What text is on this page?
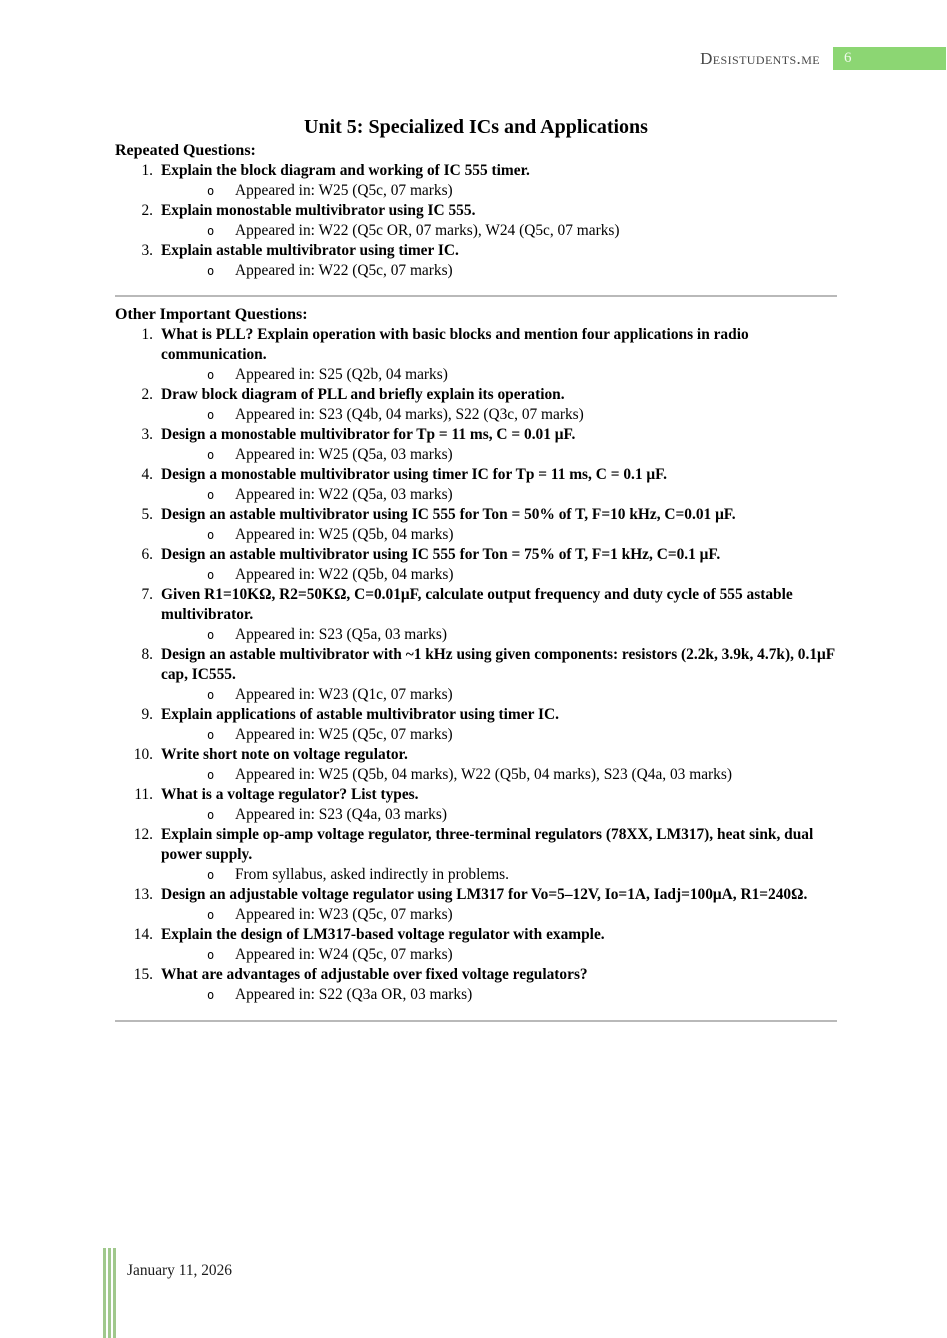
Desistudents.me	6
Unit 5: Specialized ICs and Applications
Repeated Questions:
1. Explain the block diagram and working of IC 555 timer.
o	Appeared in: W25 (Q5c, 07 marks)
2. Explain monostable multivibrator using IC 555.
o	Appeared in: W22 (Q5c OR, 07 marks), W24 (Q5c, 07 marks)
3. Explain astable multivibrator using timer IC.
o	Appeared in: W22 (Q5c, 07 marks)
Other Important Questions:
1. What is PLL? Explain operation with basic blocks and mention four applications in radio communication.
o	Appeared in: S25 (Q2b, 04 marks)
2. Draw block diagram of PLL and briefly explain its operation.
o	Appeared in: S23 (Q4b, 04 marks), S22 (Q3c, 07 marks)
3. Design a monostable multivibrator for Tp = 11 ms, C = 0.01 μF.
o	Appeared in: W25 (Q5a, 03 marks)
4. Design a monostable multivibrator using timer IC for Tp = 11 ms, C = 0.1 μF.
o	Appeared in: W22 (Q5a, 03 marks)
5. Design an astable multivibrator using IC 555 for Ton = 50% of T, F=10 kHz, C=0.01 μF.
o	Appeared in: W25 (Q5b, 04 marks)
6. Design an astable multivibrator using IC 555 for Ton = 75% of T, F=1 kHz, C=0.1 μF.
o	Appeared in: W22 (Q5b, 04 marks)
7. Given R1=10KΩ, R2=50KΩ, C=0.01μF, calculate output frequency and duty cycle of 555 astable multivibrator.
o	Appeared in: S23 (Q5a, 03 marks)
8. Design an astable multivibrator with ~1 kHz using given components: resistors (2.2k, 3.9k, 4.7k), 0.1μF cap, IC555.
o	Appeared in: W23 (Q1c, 07 marks)
9. Explain applications of astable multivibrator using timer IC.
o	Appeared in: W25 (Q5c, 07 marks)
10. Write short note on voltage regulator.
o	Appeared in: W25 (Q5b, 04 marks), W22 (Q5b, 04 marks), S23 (Q4a, 03 marks)
11. What is a voltage regulator? List types.
o	Appeared in: S23 (Q4a, 03 marks)
12. Explain simple op-amp voltage regulator, three-terminal regulators (78XX, LM317), heat sink, dual power supply.
o	From syllabus, asked indirectly in problems.
13. Design an adjustable voltage regulator using LM317 for Vo=5–12V, Io=1A, Iadj=100μA, R1=240Ω.
o	Appeared in: W23 (Q5c, 07 marks)
14. Explain the design of LM317-based voltage regulator with example.
o	Appeared in: W24 (Q5c, 07 marks)
15. What are advantages of adjustable over fixed voltage regulators?
o	Appeared in: S22 (Q3a OR, 03 marks)
January 11, 2026
